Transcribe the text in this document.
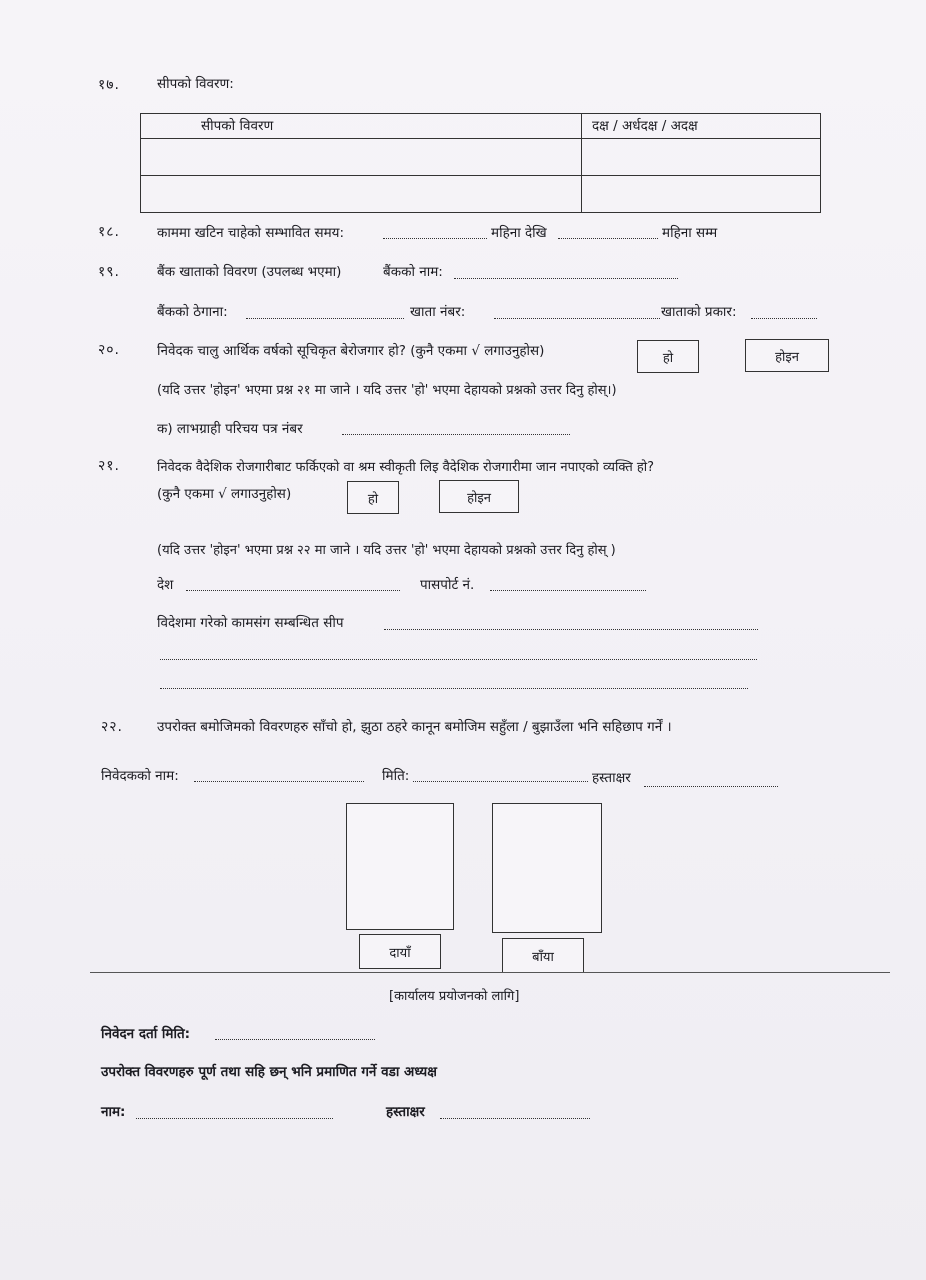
१७.	सीपको विवरण:
सीपको विवरण	दक्ष / अर्धदक्ष / अदक्ष

१८.	काममा खटिन चाहेको सम्भावित समय:	महिना देखि	महिना सम्म
१९.	बैंक खाताको विवरण (उपलब्ध भएमा)	बैंकको नाम:
बैंकको ठेगाना:	खाता नंबर:	खाताको प्रकार:
२०.	निवेदक चालु आर्थिक वर्षको सूचिकृत बेरोजगार हो? (कुनै एकमा √ लगाउनुहोस)	हो	होइन
(यदि उत्तर 'होइन' भएमा प्रश्न २१ मा जाने । यदि उत्तर 'हो' भएमा देहायको प्रश्नको उत्तर दिनु होस्।)
क) लाभग्राही परिचय पत्र नंबर
२१.	निवेदक वैदेशिक रोजगारीबाट फर्किएको वा श्रम स्वीकृती लिइ वैदेशिक रोजगारीमा जान नपाएको व्यक्ति हो?
(कुनै एकमा √ लगाउनुहोस)	हो	होइन
(यदि उत्तर 'होइन' भएमा प्रश्न २२ मा जाने । यदि उत्तर 'हो' भएमा देहायको प्रश्नको उत्तर दिनु होस् )
देश	पासपोर्ट नं.
विदेशमा गरेको कामसंग सम्बन्धित सीप
२२.	उपरोक्त बमोजिमको विवरणहरु साँचो हो, झुठा ठहरे कानून बमोजिम सहुँला / बुझाउँला भनि सहिछाप गर्नें ।
निवेदकको नाम:	मिति:	हस्ताक्षर
दायाँ	बाँया
[कार्यालय प्रयोजनको लागि]
निवेदन दर्ता मिति:
उपरोक्त विवरणहरु पूर्ण तथा सहि छन् भनि प्रमाणित गर्ने वडा अध्यक्ष
नाम:	हस्ताक्षर
